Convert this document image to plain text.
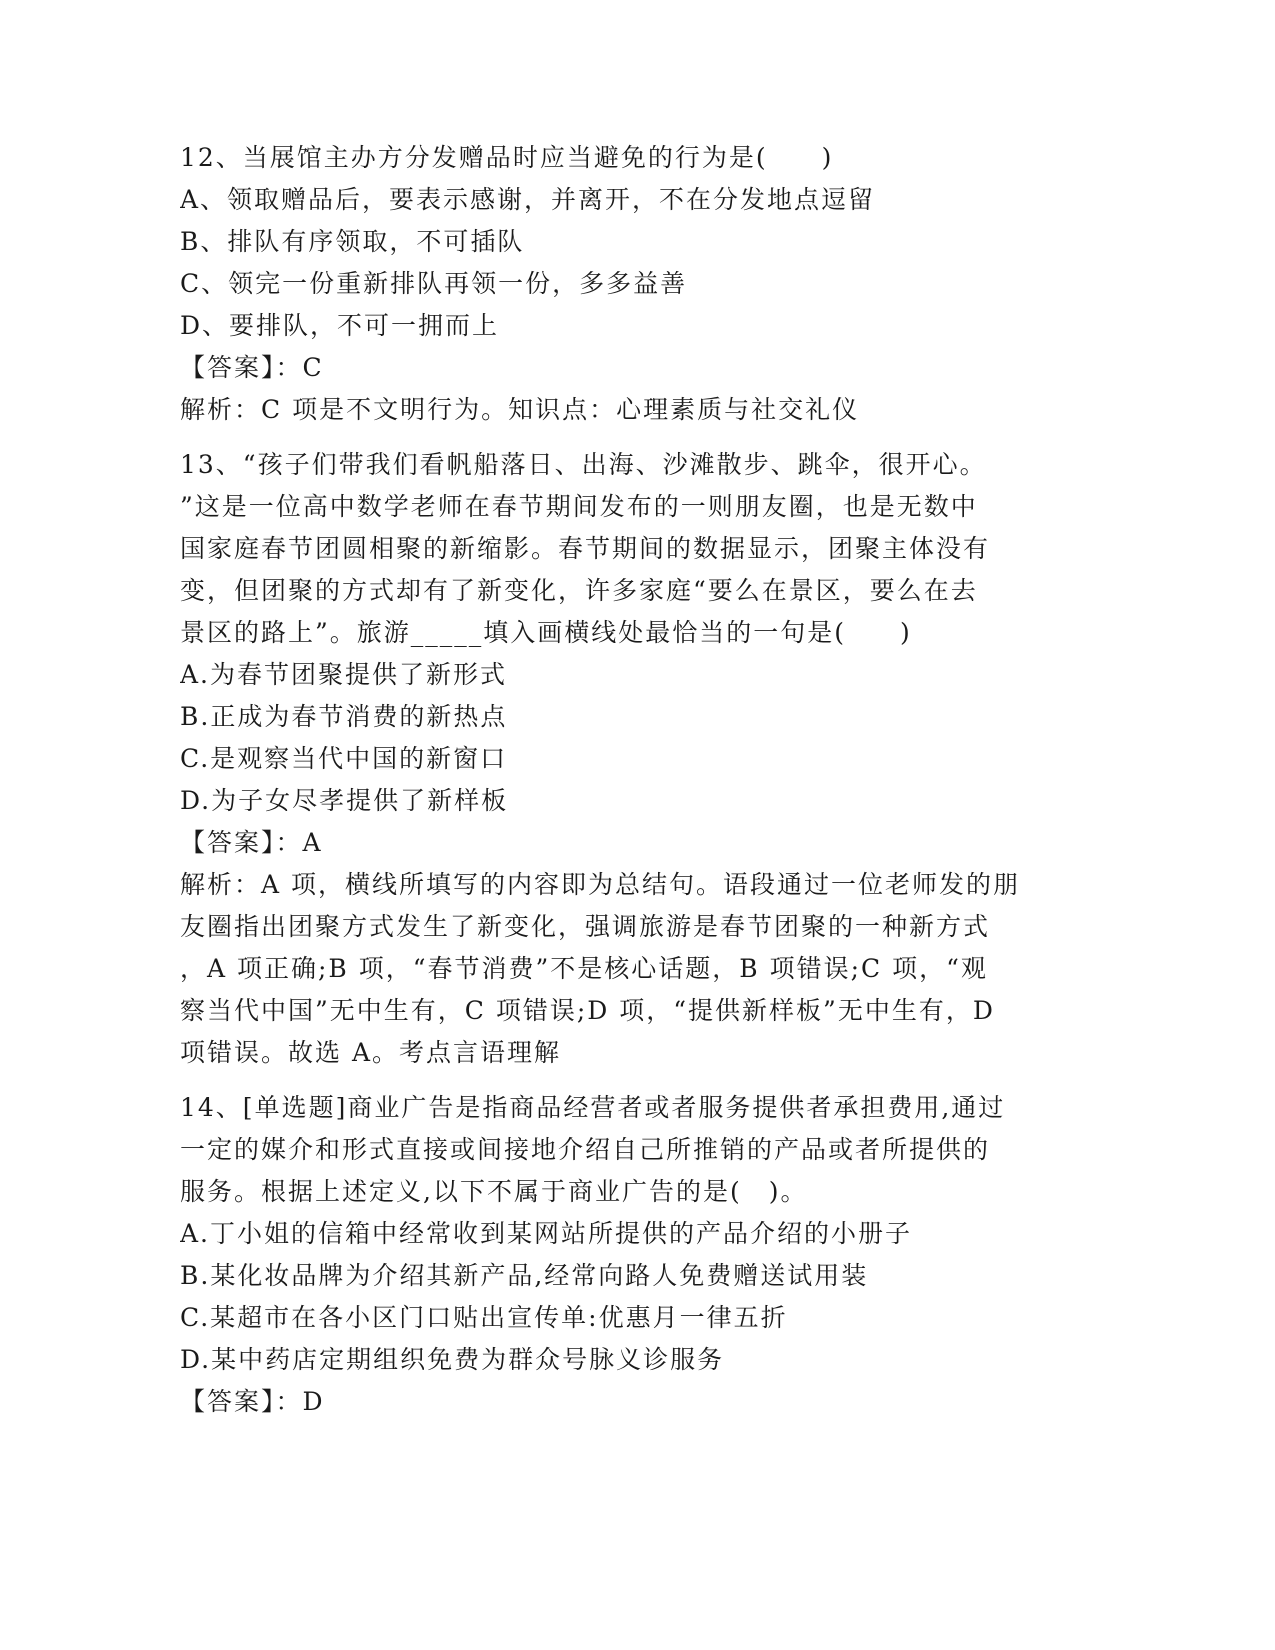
12、当展馆主办方分发赠品时应当避免的行为是(　　)
A、领取赠品后，要表示感谢，并离开，不在分发地点逗留
B、排队有序领取，不可插队
C、领完一份重新排队再领一份，多多益善
D、要排队，不可一拥而上
【答案】：C
解析：C 项是不文明行为。知识点：心理素质与社交礼仪
13、“孩子们带我们看帆船落日、出海、沙滩散步、跳伞，很开心。
”这是一位高中数学老师在春节期间发布的一则朋友圈，也是无数中
国家庭春节团圆相聚的新缩影。春节期间的数据显示，团聚主体没有
变，但团聚的方式却有了新变化，许多家庭“要么在景区，要么在去
景区的路上”。旅游_____填入画横线处最恰当的一句是(　　)
A.为春节团聚提供了新形式
B.正成为春节消费的新热点
C.是观察当代中国的新窗口
D.为子女尽孝提供了新样板
【答案】：A
解析：A 项，横线所填写的内容即为总结句。语段通过一位老师发的朋
友圈指出团聚方式发生了新变化，强调旅游是春节团聚的一种新方式
，A 项正确;B 项，“春节消费”不是核心话题，B 项错误;C 项，“观
察当代中国”无中生有，C 项错误;D 项，“提供新样板”无中生有，D
项错误。故选 A。考点言语理解
14、[单选题]商业广告是指商品经营者或者服务提供者承担费用,通过
一定的媒介和形式直接或间接地介绍自己所推销的产品或者所提供的
服务。根据上述定义,以下不属于商业广告的是(　)。
A.丁小姐的信箱中经常收到某网站所提供的产品介绍的小册子
B.某化妆品牌为介绍其新产品,经常向路人免费赠送试用装
C.某超市在各小区门口贴出宣传单:优惠月一律五折
D.某中药店定期组织免费为群众号脉义诊服务
【答案】：D
